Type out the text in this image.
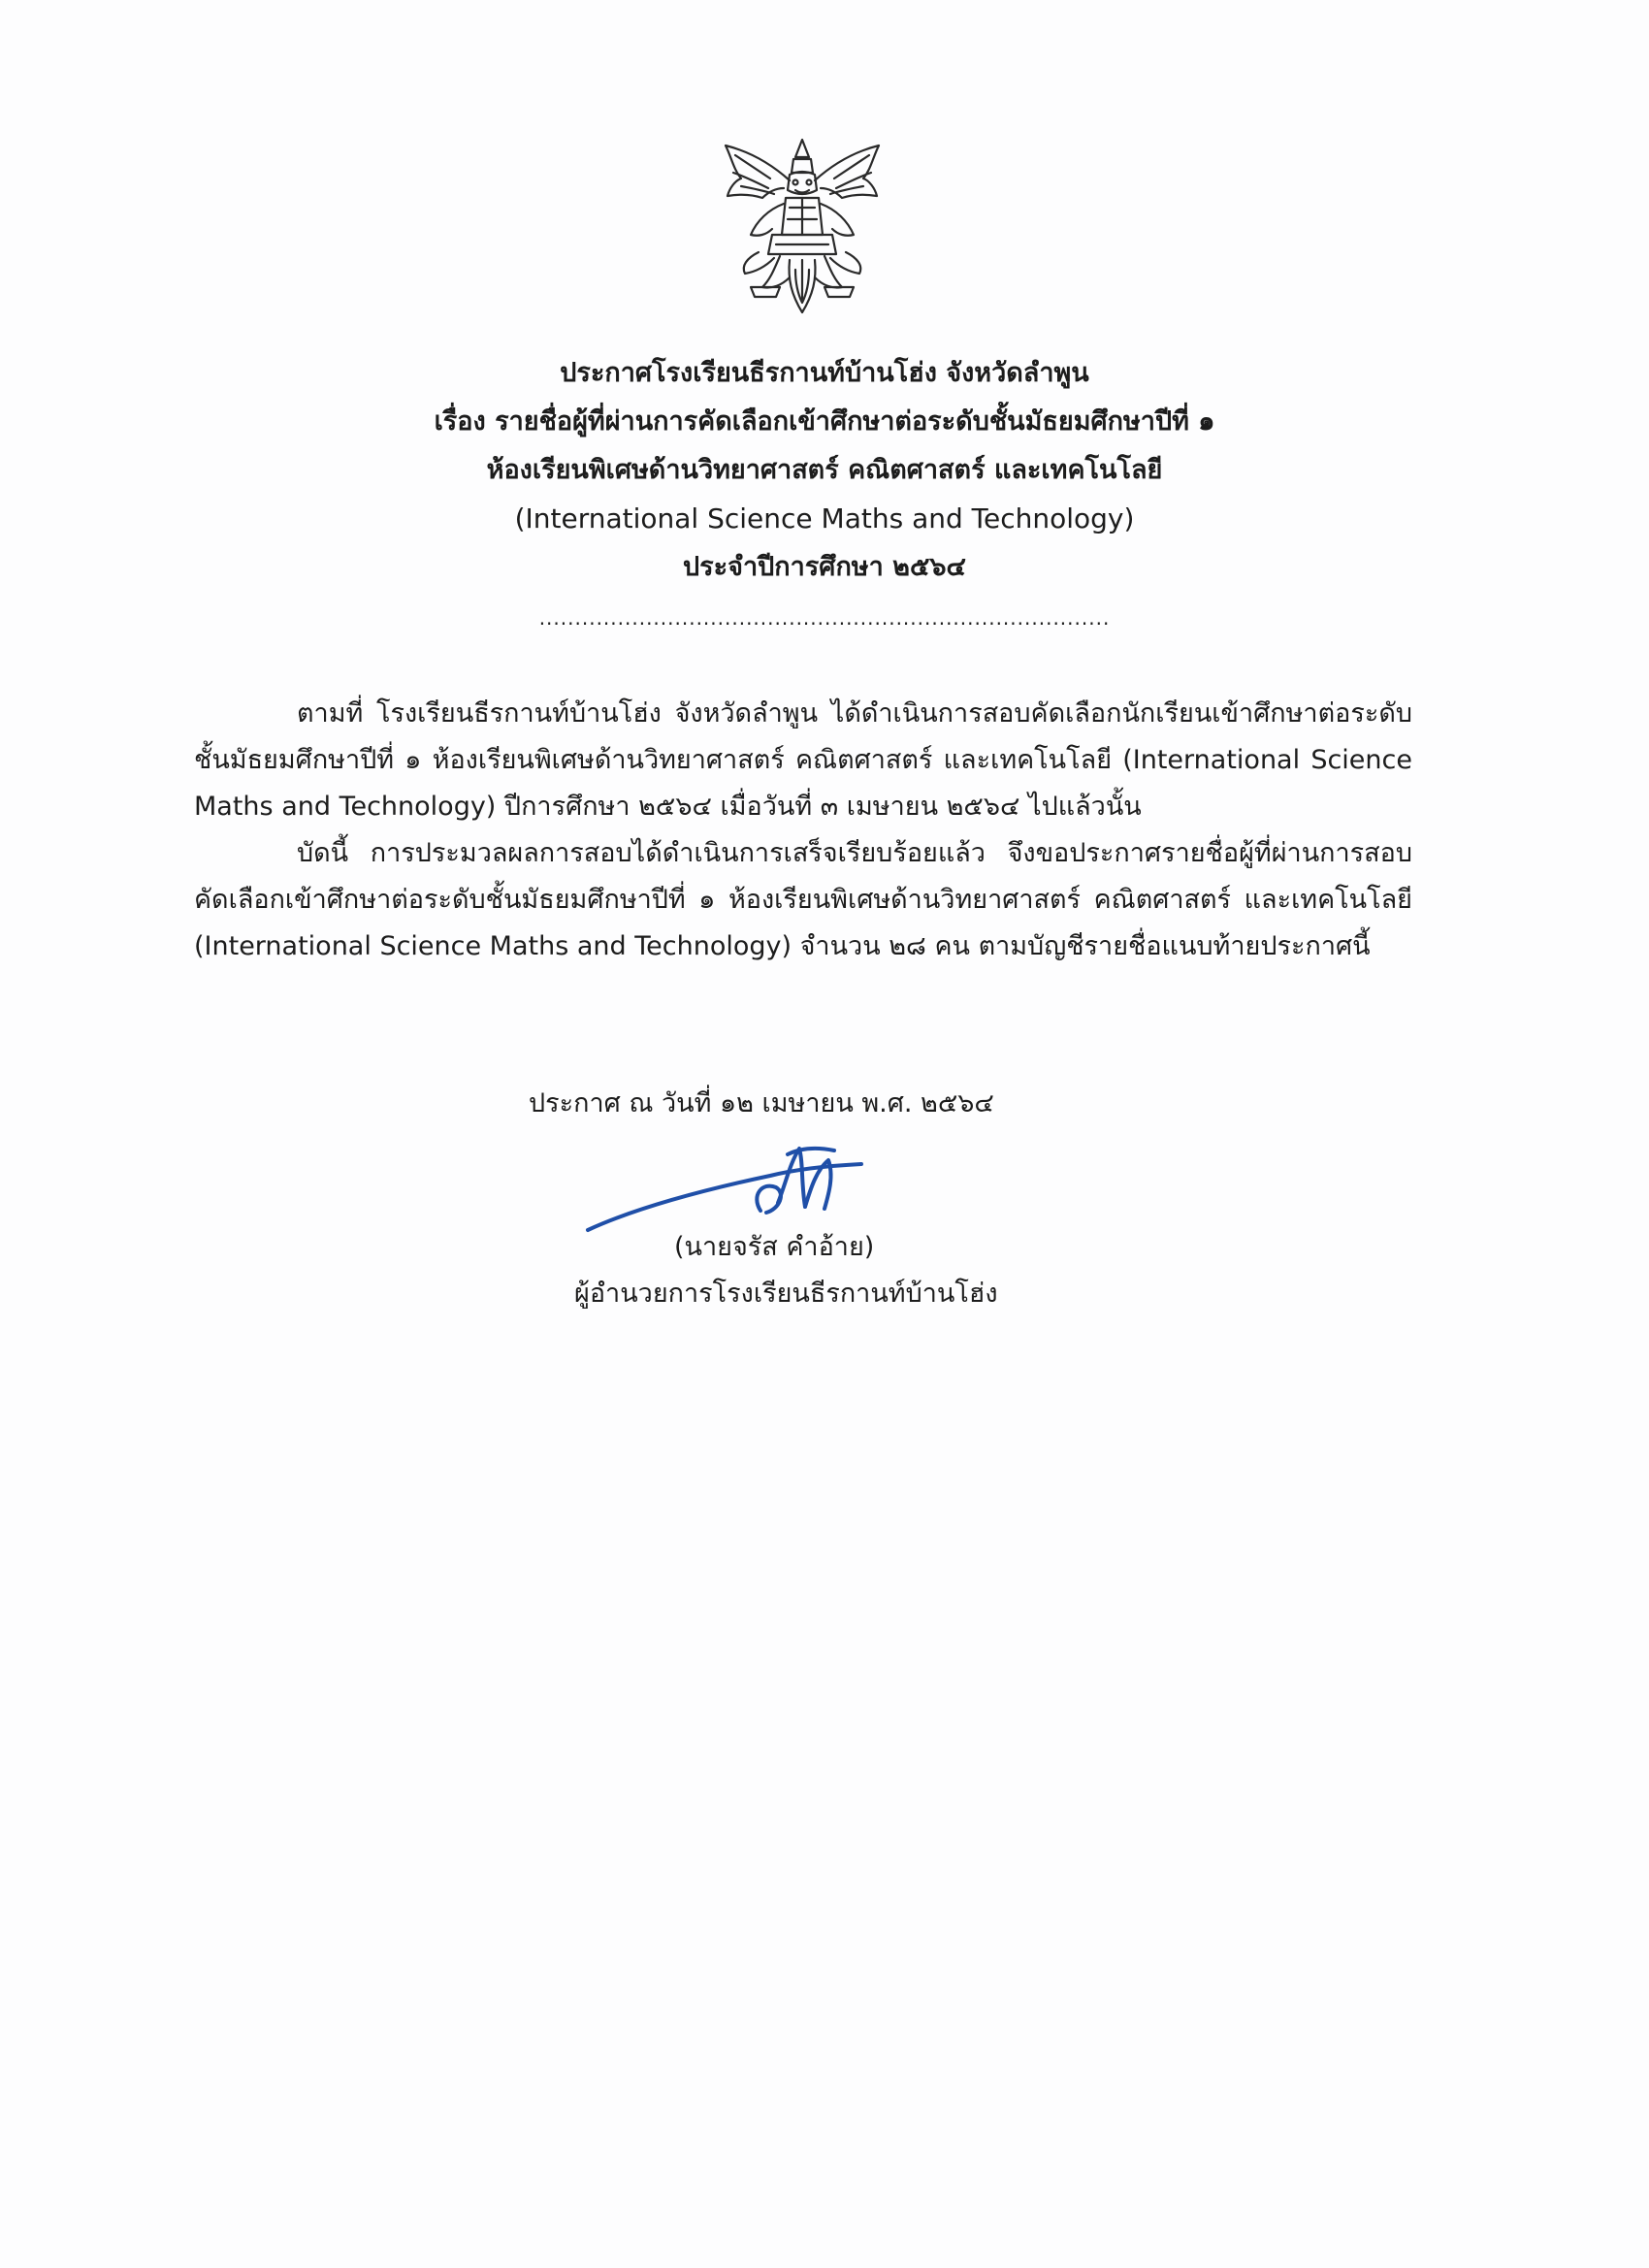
ประกาศโรงเรียนธีรกานท์บ้านโฮ่ง จังหวัดลำพูน
เรื่อง รายชื่อผู้ที่ผ่านการคัดเลือกเข้าศึกษาต่อระดับชั้นมัธยมศึกษาปีที่ ๑
ห้องเรียนพิเศษด้านวิทยาศาสตร์ คณิตศาสตร์ และเทคโนโลยี
(International Science Maths and Technology)
ประจำปีการศึกษา ๒๕๖๔
................................................................................

ตามที่ โรงเรียนธีรกานท์บ้านโฮ่ง จังหวัดลำพูน ได้ดำเนินการสอบคัดเลือกนักเรียนเข้าศึกษาต่อระดับชั้นมัธยมศึกษาปีที่ ๑ ห้องเรียนพิเศษด้านวิทยาศาสตร์ คณิตศาสตร์ และเทคโนโลยี (International Science Maths and Technology) ปีการศึกษา ๒๕๖๔ เมื่อวันที่ ๓ เมษายน ๒๕๖๔ ไปแล้วนั้น

บัดนี้ การประมวลผลการสอบได้ดำเนินการเสร็จเรียบร้อยแล้ว จึงขอประกาศรายชื่อผู้ที่ผ่านการสอบคัดเลือกเข้าศึกษาต่อระดับชั้นมัธยมศึกษาปีที่ ๑ ห้องเรียนพิเศษด้านวิทยาศาสตร์ คณิตศาสตร์ และเทคโนโลยี (International Science Maths and Technology) จำนวน ๒๘ คน ตามบัญชีรายชื่อแนบท้ายประกาศนี้

ประกาศ ณ วันที่ ๑๒ เมษายน พ.ศ. ๒๕๖๔
(นายจรัส คำอ้าย)
ผู้อำนวยการโรงเรียนธีรกานท์บ้านโฮ่ง
